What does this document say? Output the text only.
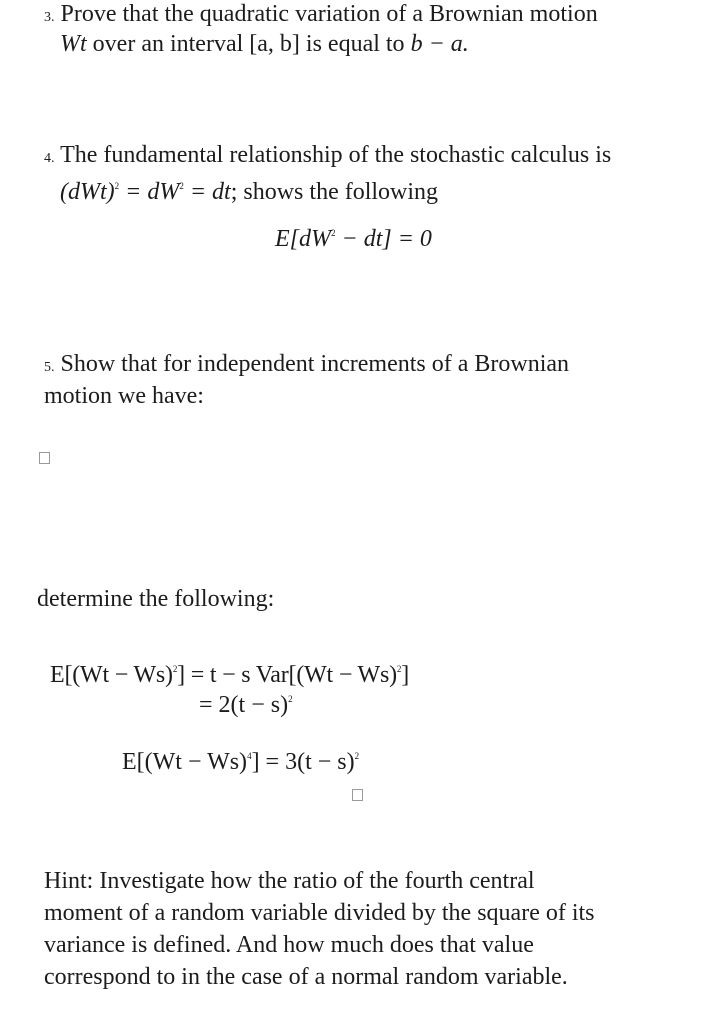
3. Prove that the quadratic variation of a Brownian motion
Wt over an interval [a, b] is equal to b − a.
4. The fundamental relationship of the stochastic calculus is
$(dWt)^2 = dW^2$ = dt; shows the following
$E[dW^2 - dt] = 0$
5. Show that for independent increments of a Brownian
motion we have:
determine the following:
$E[(Wt - Ws)^2] = t - s$ $Var[(Wt - Ws)^2]$
= $2(t - s)^2$
$E[(Wt - Ws)^4] = 3(t - s)^2$
Hint: Investigate how the ratio of the fourth central
moment of a random variable divided by the square of its
variance is defined. And how much does that value
correspond to in the case of a normal random variable.
